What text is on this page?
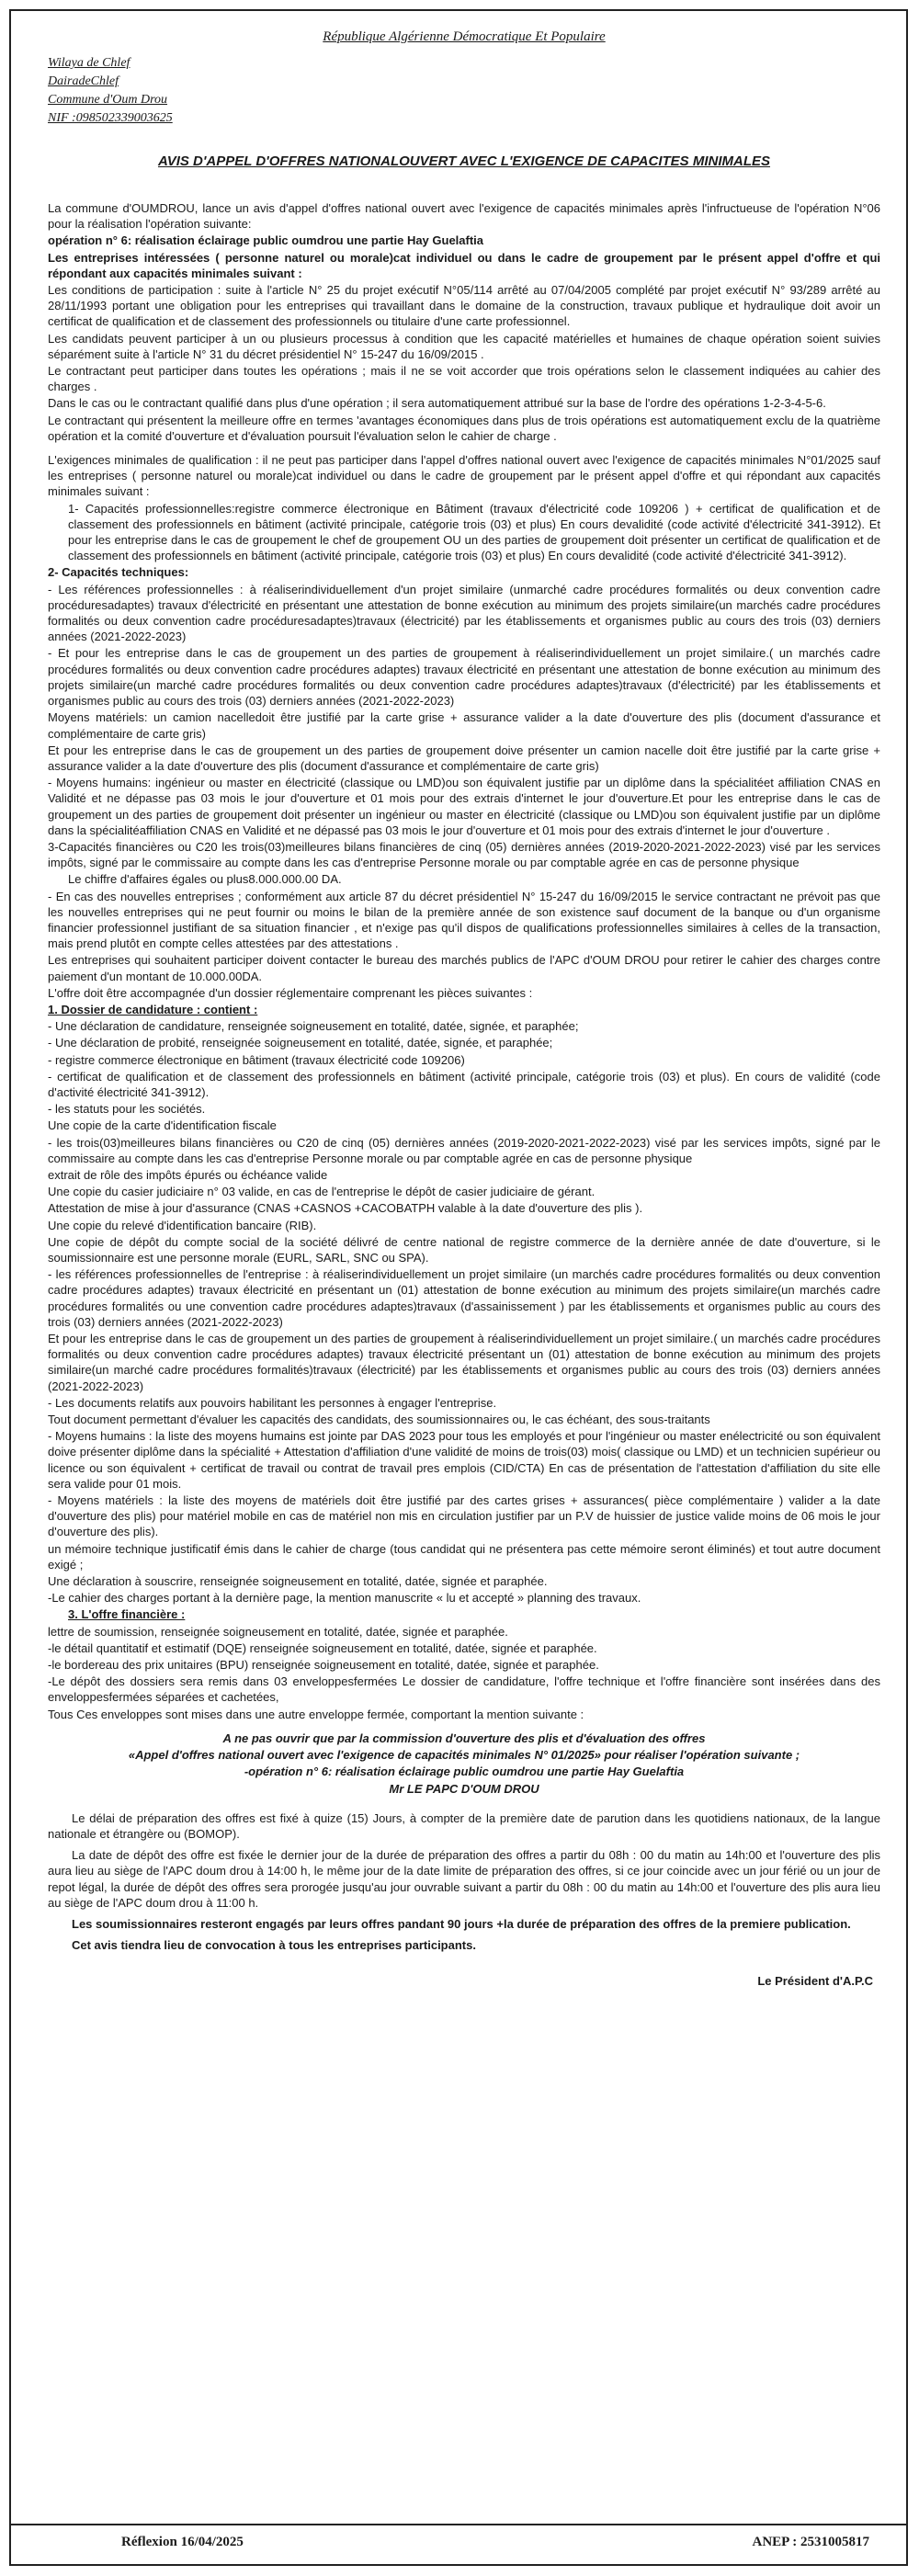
République Algérienne Démocratique Et Populaire
Wilaya de Chlef
DairadeChlef
Commune d'Oum Drou
NIF :098502339003625
AVIS D'APPEL D'OFFRES NATIONALOUVERT AVEC L'EXIGENCE DE CAPACITES MINIMALES

La commune d'OUMDROU, lance un avis d'appel d'offres national ouvert avec l'exigence de capacités minimales après l'infructueuse de l'opération N°06 pour la réalisation l'opération suivante:

opération n° 6: réalisation éclairage public oumdrou une partie Hay Guelaftia

Les entreprises intéressées ( personne naturel ou morale)cat individuel ou dans le cadre de groupement par le présent appel d'offre et qui répondant aux capacités minimales suivant :

Les conditions de participation : suite à l'article N° 25 du projet exécutif N°05/114 arrêté au 07/04/2005 complété par projet exécutif N° 93/289 arrêté au 28/11/1993 portant une obligation pour les entreprises qui travaillant dans le domaine de la construction, travaux publique et hydraulique doit avoir un certificat de qualification et de classement des professionnels ou titulaire d'une carte professionnel.

Les candidats peuvent participer à un ou plusieurs processus à condition que les capacité matérielles et humaines de chaque opération soient suivies séparément suite à l'article N° 31 du décret présidentiel N° 15-247 du 16/09/2015 .

Le contractant peut participer dans toutes les opérations ; mais il ne se voit accorder que trois opérations selon le classement indiquées au cahier des charges .

Dans le cas ou le contractant qualifié dans plus d'une opération ; il sera automatiquement attribué sur la base de l'ordre des opérations 1-2-3-4-5-6.

Le contractant qui présentent la meilleure offre en termes 'avantages économiques dans plus de trois opérations est automatiquement exclu de la quatrième opération et la comité d'ouverture et d'évaluation poursuit l'évaluation selon le cahier de charge .

L'exigences minimales de qualification : il ne peut pas participer dans l'appel d'offres national ouvert avec l'exigence de capacités minimales N°01/2025 sauf les entreprises ( personne naturel ou morale)cat individuel ou dans le cadre de groupement par le présent appel d'offre et qui répondant aux capacités minimales suivant :

1- Capacités professionnelles:registre commerce électronique en Bâtiment (travaux d'électricité code 109206 ) + certificat de qualification et de classement des professionnels en bâtiment (activité principale, catégorie trois (03) et plus) En cours devalidité (code activité d'électricité 341-3912). Et pour les entreprise dans le cas de groupement le chef de groupement OU un des parties de groupement doit présenter un certificat de qualification et de classement des professionnels en bâtiment (activité principale, catégorie trois (03) et plus) En cours devalidité (code activité d'électricité 341-3912).

2- Capacités techniques:

- Les références professionnelles : à réaliserindividuellement d'un projet similaire (unmarché cadre procédures formalités ou deux convention cadre procéduresadaptes) travaux d'électricité en présentant une attestation de bonne exécution au minimum des projets similaire(un marchés cadre procédures formalités ou deux convention cadre procéduresadaptes)travaux (électricité) par les établissements et organismes public au cours des trois (03) derniers années (2021-2022-2023)

- Et pour les entreprise dans le cas de groupement un des parties de groupement à réaliserindividuellement un projet similaire.( un marchés cadre procédures formalités ou deux convention cadre procédures adaptes) travaux électricité en présentant une attestation de bonne exécution au minimum des projets similaire(un marché cadre procédures formalités ou deux convention cadre procédures adaptes)travaux (d'électricité) par les établissements et organismes public au cours des trois (03) derniers années (2021-2022-2023)

Moyens matériels: un camion nacelledoit être justifié par la carte grise + assurance valider a la date d'ouverture des plis (document d'assurance et complémentaire de carte gris)

Et pour les entreprise dans le cas de groupement un des parties de groupement doive présenter un camion nacelle doit être justifié par la carte grise + assurance valider a la date d'ouverture des plis (document d'assurance et complémentaire de carte gris)

- Moyens humains: ingénieur ou master en électricité (classique ou LMD)ou son équivalent justifie par un diplôme dans la spécialitéet affiliation CNAS en Validité et ne dépasse pas 03 mois le jour d'ouverture et 01 mois pour des extrais d'internet le jour d'ouverture.Et pour les entreprise dans le cas de groupement un des parties de groupement doit présenter un ingénieur ou master en électricité (classique ou LMD)ou son équivalent justifie par un diplôme dans la spécialitéaffiliation CNAS en Validité et ne dépassé pas 03 mois le jour d'ouverture et 01 mois pour des extrais d'internet le jour d'ouverture .

3-Capacités financières ou C20 les trois(03)meilleures bilans financières de cinq (05) dernières années (2019-2020-2021-2022-2023) visé par les services impôts, signé par le commissaire au compte dans les cas d'entreprise Personne morale ou par comptable agrée en cas de personne physique

Le chiffre d'affaires égales ou plus8.000.000.00 DA.

- En cas des nouvelles entreprises ; conformément aux article 87 du décret présidentiel N° 15-247 du 16/09/2015 le service contractant ne prévoit pas que les nouvelles entreprises qui ne peut fournir ou moins le bilan de la première année de son existence sauf document de la banque ou d'un organisme financier professionnel justifiant de sa situation financier , et n'exige pas qu'il dispos de qualifications professionnelles similaires à celles de la transaction, mais prend plutôt en compte celles attestées par des attestations .

Les entreprises qui souhaitent participer doivent contacter le bureau des marchés publics de l'APC d'OUM DROU pour retirer le cahier des charges contre paiement d'un montant de 10.000.00DA.

L'offre doit être accompagnée d'un dossier réglementaire comprenant les pièces suivantes :

1. Dossier de candidature : contient :

- Une déclaration de candidature, renseignée soigneusement en totalité, datée, signée, et paraphée;

- Une déclaration de probité, renseignée soigneusement en totalité, datée, signée, et paraphée;

- registre commerce électronique en bâtiment (travaux électricité code 109206)

- certificat de qualification et de classement des professionnels en bâtiment (activité principale, catégorie trois (03) et plus). En cours de validité (code d'activité électricité 341-3912).

- les statuts pour les sociétés.

Une copie de la carte d'identification fiscale

- les trois(03)meilleures bilans financières ou C20 de cinq (05) dernières années (2019-2020-2021-2022-2023) visé par les services impôts, signé par le commissaire au compte dans les cas d'entreprise Personne morale ou par comptable agrée en cas de personne physique

extrait de rôle des impôts épurés ou échéance valide

Une copie du casier judiciaire n° 03 valide, en cas de l'entreprise le dépôt de casier judiciaire de gérant.

Attestation de mise à jour d'assurance (CNAS +CASNOS +CACOBATPH valable à la date d'ouverture des plis ).

Une copie du relevé d'identification bancaire (RIB).

Une copie de dépôt du compte social de la société délivré de centre national de registre commerce de la dernière année de date d'ouverture, si le soumissionnaire est une personne morale (EURL, SARL, SNC ou SPA).

- les références professionnelles de l'entreprise : à réaliserindividuellement un projet similaire (un marchés cadre procédures formalités ou deux convention cadre procédures adaptes) travaux électricité en présentant un (01) attestation de bonne exécution au minimum des projets similaire(un marchés cadre procédures formalités ou une convention cadre procédures adaptes)travaux (d'assainissement ) par les établissements et organismes public au cours des trois (03) derniers années (2021-2022-2023)

Et pour les entreprise dans le cas de groupement un des parties de groupement à réaliserindividuellement un projet similaire.( un marchés cadre procédures formalités ou deux convention cadre procédures adaptes) travaux électricité présentant un (01) attestation de bonne exécution au minimum des projets similaire(un marché cadre procédures formalités)travaux (électricité) par les établissements et organismes public au cours des trois (03) derniers années (2021-2022-2023)

- Les documents relatifs aux pouvoirs habilitant les personnes à engager l'entreprise.

Tout document permettant d'évaluer les capacités des candidats, des soumissionnaires ou, le cas échéant, des sous-traitants

- Moyens humains : la liste des moyens humains est jointe par DAS 2023 pour tous les employés et pour l'ingénieur ou master enélectricité ou son équivalent doive présenter diplôme dans la spécialité + Attestation d'affiliation d'une validité de moins de trois(03) mois( classique ou LMD) et un technicien supérieur ou licence ou son équivalent + certificat de travail ou contrat de travail pres emplois (CID/CTA) En cas de présentation de l'attestation d'affiliation du site elle sera valide pour 01 mois.

- Moyens matériels : la liste des moyens de matériels doit être justifié par des cartes grises + assurances( pièce complémentaire ) valider a la date d'ouverture des plis) pour matériel mobile en cas de matériel non mis en circulation justifier par un P.V de huissier de justice valide moins de 06 mois le jour d'ouverture des plis).

un mémoire technique justificatif émis dans le cahier de charge (tous candidat qui ne présentera pas cette mémoire seront éliminés) et tout autre document exigé ;

Une déclaration à souscrire, renseignée soigneusement en totalité, datée, signée et paraphée.

-Le cahier des charges portant à la dernière page, la mention manuscrite « lu et accepté » planning des travaux.

3. L'offre financière :

lettre de soumission, renseignée soigneusement en totalité, datée, signée et paraphée.

-le détail quantitatif et estimatif (DQE) renseignée soigneusement en totalité, datée, signée et paraphée.

-le bordereau des prix unitaires (BPU) renseignée soigneusement en totalité, datée, signée et paraphée.

-Le dépôt des dossiers sera remis dans 03 enveloppesfermées Le dossier de candidature, l'offre technique et l'offre financière sont insérées dans des enveloppesfermées séparées et cachetées,

Tous Ces enveloppes sont mises dans une autre enveloppe fermée, comportant la mention suivante :

A ne pas ouvrir que par la commission d'ouverture des plis et d'évaluation des offres

«Appel d'offres national ouvert avec l'exigence de capacités minimales N° 01/2025» pour réaliser l'opération suivante ;

-opération n° 6: réalisation éclairage public oumdrou une partie Hay Guelaftia

Mr LE PAPC D'OUM DROU

Le délai de préparation des offres est fixé à quize (15) Jours, à compter de la première date de parution dans les quotidiens nationaux, de la langue nationale et étrangère ou (BOMOP).

La date de dépôt des offre est fixée le dernier jour de la durée de préparation des offres a partir du 08h : 00 du matin au 14h:00 et l'ouverture des plis aura lieu au siège de l'APC doum drou à 14:00 h, le même jour de la date limite de préparation des offres, si ce jour coincide avec un jour férié ou un jour de repot légal, la durée de dépôt des offres sera prorogée jusqu'au jour ouvrable suivant a partir du 08h : 00 du matin au 14h:00 et l'ouverture des plis aura lieu au siège de l'APC doum drou à 11:00 h.

Les soumissionnaires resteront engagés par leurs offres pandant 90 jours +la durée de préparation des offres de la premiere publication.

Cet avis tiendra lieu de convocation à tous les entreprises participants.

Le Président d'A.P.C
Réflexion 16/04/2025	ANEP : 2531005817
